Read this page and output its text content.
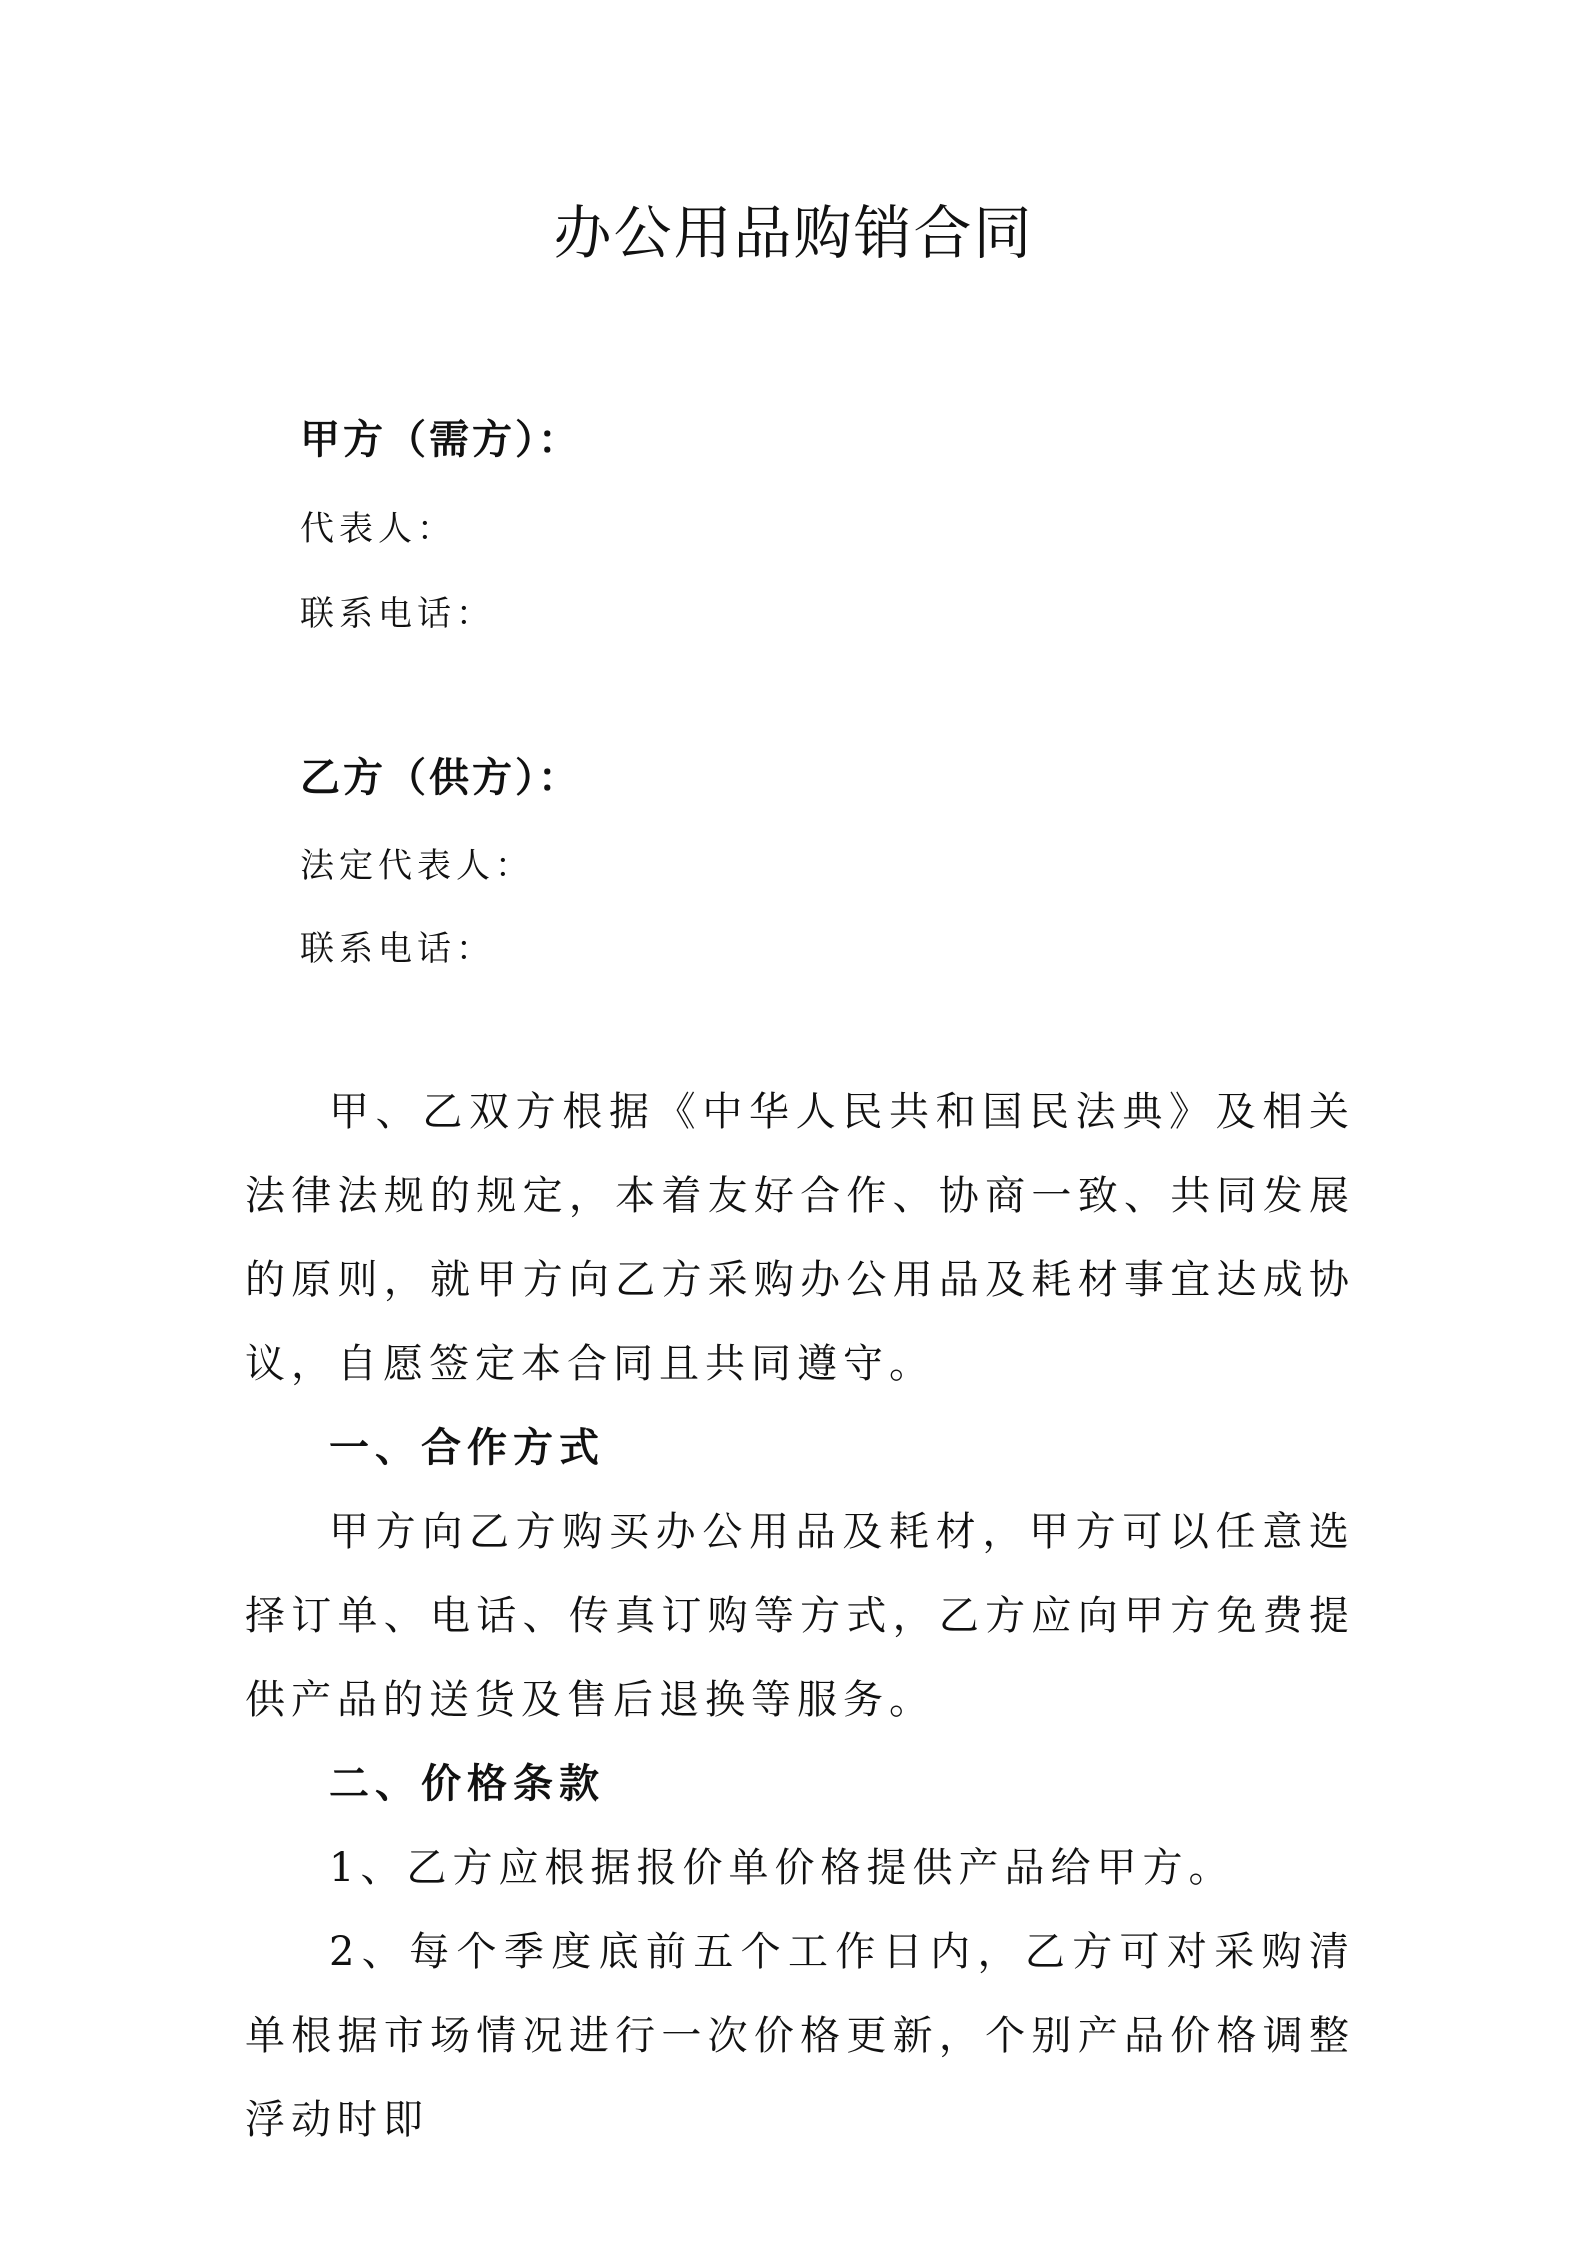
办公用品购销合同
甲方（需方）：
代表人：
联系电话：
乙方（供方）：
法定代表人：
联系电话：

甲、乙双方根据《中华人民共和国民法典》及相关法律法规的规定，本着友好合作、协商一致、共同发展的原则，就甲方向乙方采购办公用品及耗材事宜达成协议，自愿签定本合同且共同遵守。

一、合作方式

甲方向乙方购买办公用品及耗材，甲方可以任意选择订单、电话、传真订购等方式，乙方应向甲方免费提供产品的送货及售后退换等服务。

二、价格条款

1、乙方应根据报价单价格提供产品给甲方。

2、每个季度底前五个工作日内，乙方可对采购清单根据市场情况进行一次价格更新，个别产品价格调整浮动时即
